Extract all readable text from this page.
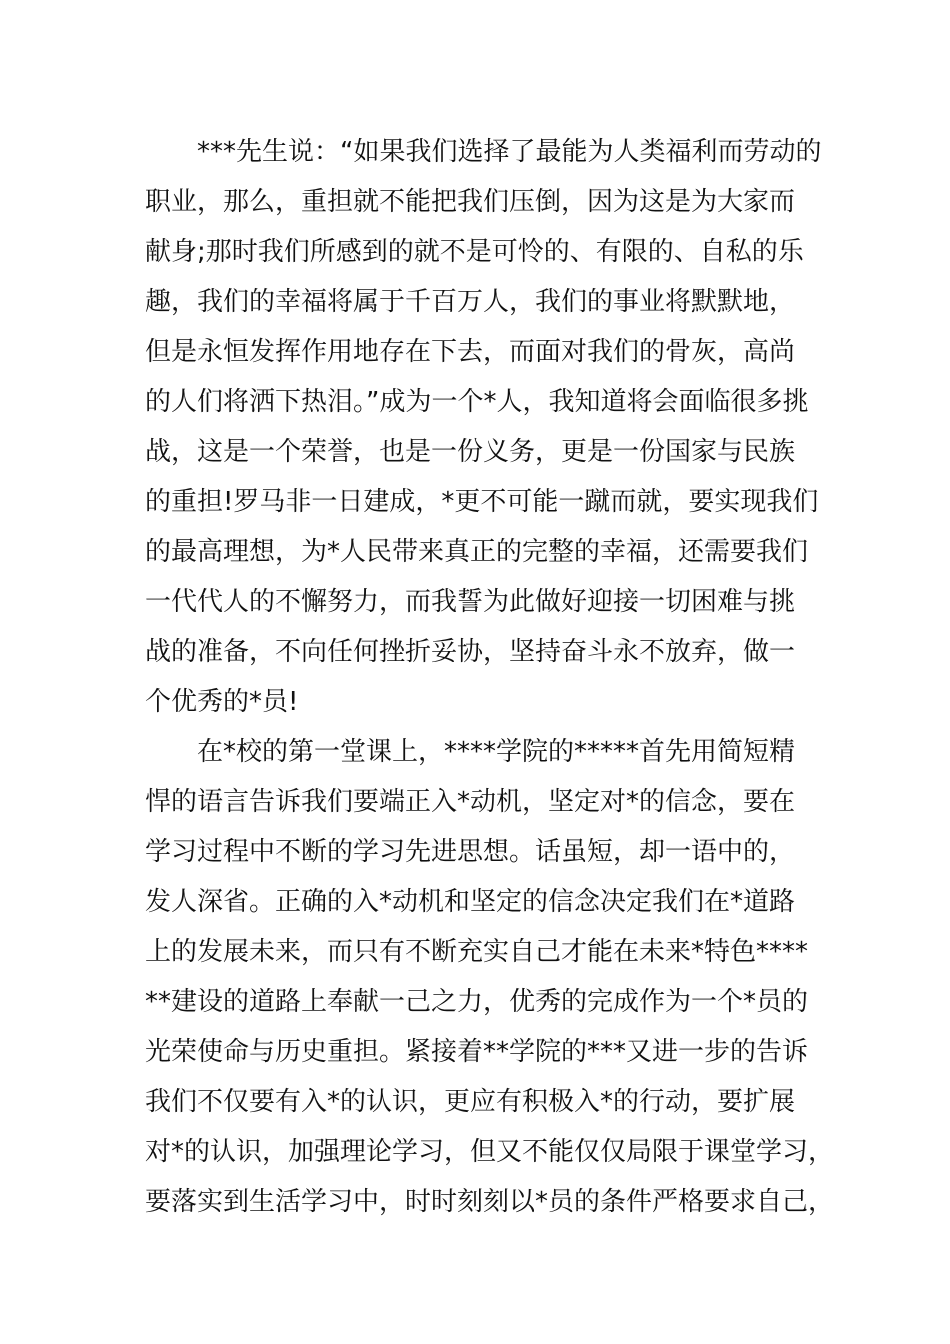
***先生说：“如果我们选择了最能为人类福利而劳动的
职业，那么，重担就不能把我们压倒，因为这是为大家而
献身;那时我们所感到的就不是可怜的、有限的、自私的乐
趣，我们的幸福将属于千百万人，我们的事业将默默地，
但是永恒发挥作用地存在下去，而面对我们的骨灰，高尚
的人们将洒下热泪。”成为一个*人，我知道将会面临很多挑
战，这是一个荣誉，也是一份义务，更是一份国家与民族
的重担!罗马非一日建成，*更不可能一蹴而就，要实现我们
的最高理想，为*人民带来真正的完整的幸福，还需要我们
一代代人的不懈努力，而我誓为此做好迎接一切困难与挑
战的准备，不向任何挫折妥协，坚持奋斗永不放弃，做一
个优秀的*员!
在*校的第一堂课上，****学院的*****首先用简短精
悍的语言告诉我们要端正入*动机，坚定对*的信念，要在
学习过程中不断的学习先进思想。话虽短，却一语中的，
发人深省。正确的入*动机和坚定的信念决定我们在*道路
上的发展未来，而只有不断充实自己才能在未来*特色****
**建设的道路上奉献一己之力，优秀的完成作为一个*员的
光荣使命与历史重担。紧接着**学院的***又进一步的告诉
我们不仅要有入*的认识，更应有积极入*的行动，要扩展
对*的认识，加强理论学习，但又不能仅仅局限于课堂学习，
要落实到生活学习中，时时刻刻以*员的条件严格要求自己，
